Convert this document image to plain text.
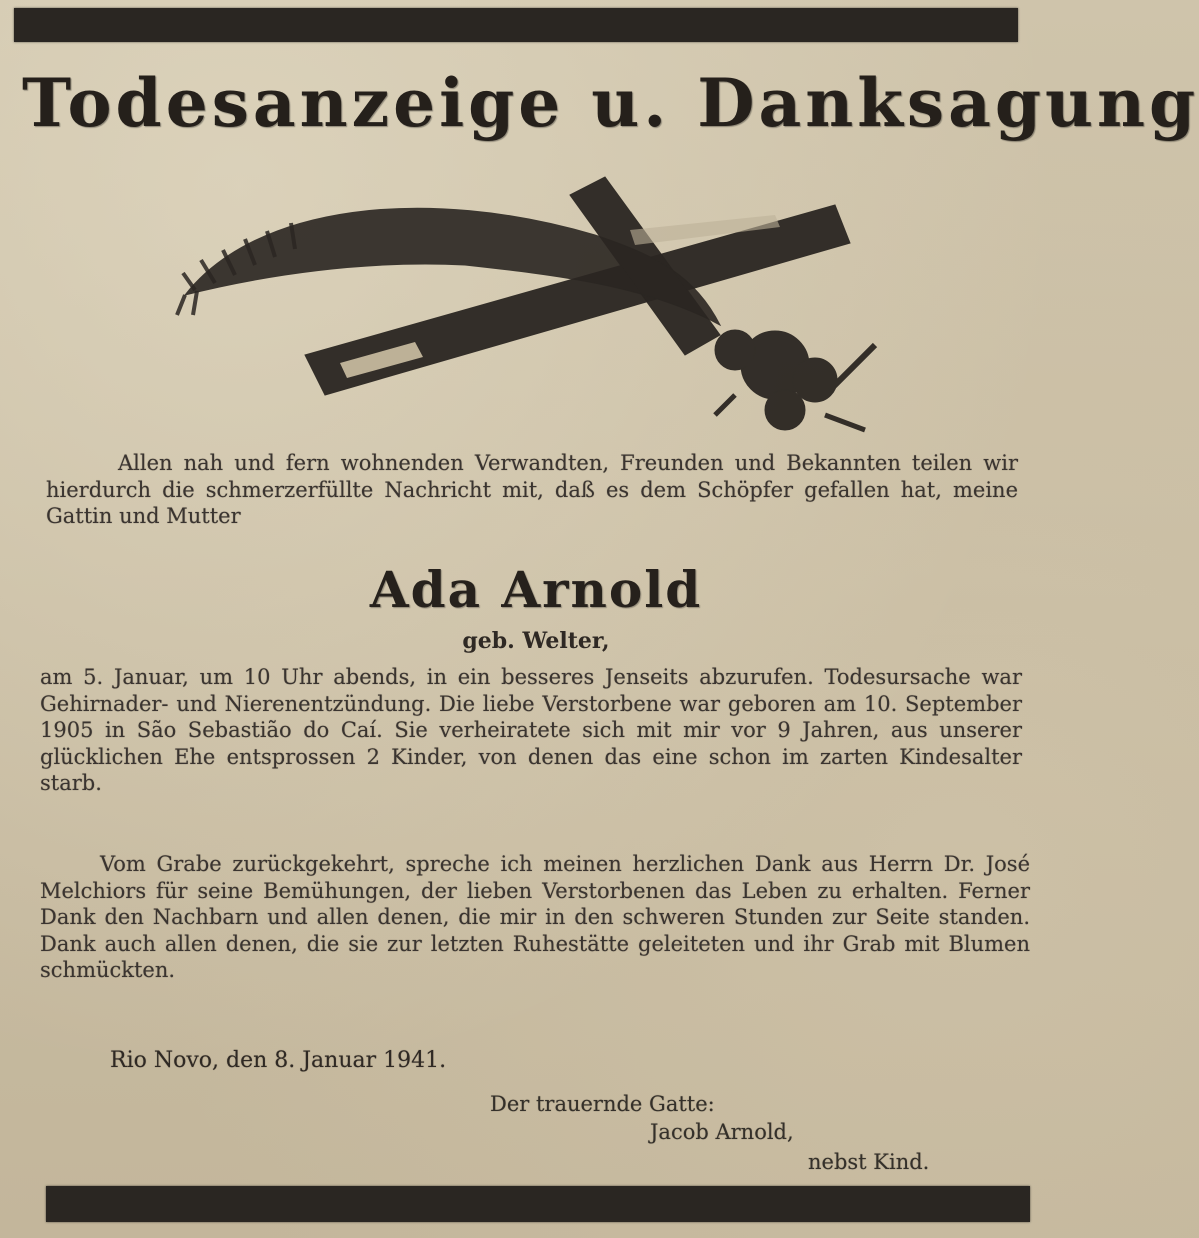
Todesanzeige u. Danksagung
Allen nah und fern wohnenden Verwandten, Freunden und Bekannten teilen wir hierdurch die schmerzerfüllte Nachricht mit, daß es dem Schöpfer gefallen hat, meine Gattin und Mutter
Ada Arnold
geb. Welter,
am 5. Januar, um 10 Uhr abends, in ein besseres Jenseits abzurufen. Todesursache war Gehirnader- und Nierenentzündung. Die liebe Verstorbene war geboren am 10. September 1905 in São Sebastião do Caí. Sie verheiratete sich mit mir vor 9 Jahren, aus unserer glücklichen Ehe entsprossen 2 Kinder, von denen das eine schon im zarten Kindesalter starb.
Vom Grabe zurückgekehrt, spreche ich meinen herzlichen Dank aus Herrn Dr. José Melchiors für seine Bemühungen, der lieben Verstorbenen das Leben zu erhalten. Ferner Dank den Nachbarn und allen denen, die mir in den schweren Stunden zur Seite standen. Dank auch allen denen, die sie zur letzten Ruhestätte geleiteten und ihr Grab mit Blumen schmückten.
Rio Novo, den 8. Januar 1941.
Der trauernde Gatte:
Jacob Arnold,
nebst Kind.
